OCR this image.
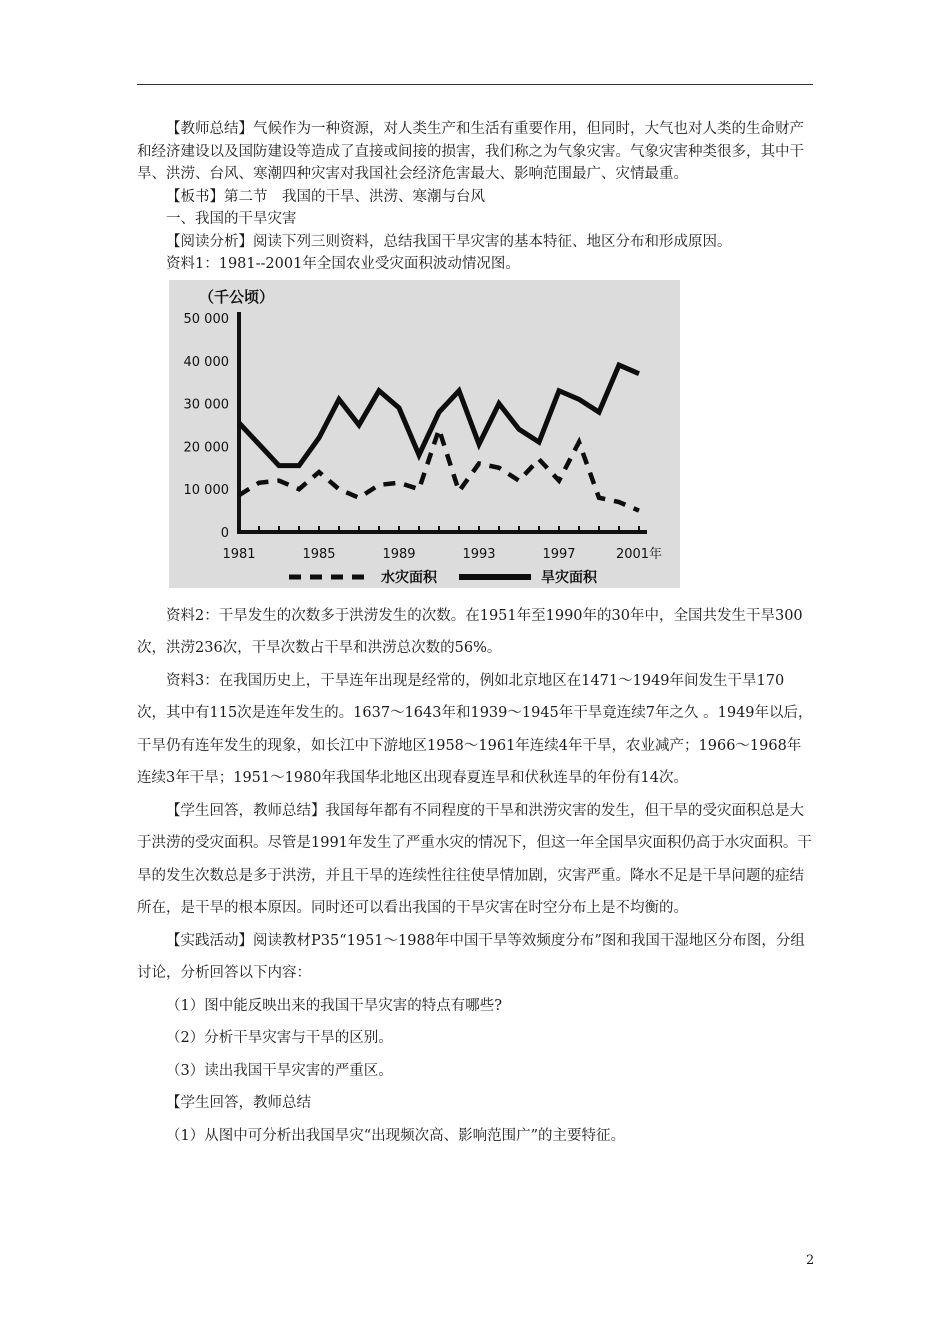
【教师总结】气候作为一种资源，对人类生产和生活有重要作用，但同时，大气也对人类的生命财产和经济建设以及国防建设等造成了直接或间接的损害，我们称之为气象灾害。气象灾害种类很多，其中干旱、洪涝、台风、寒潮四种灾害对我国社会经济危害最大、影响范围最广、灾情最重。

【板书】第二节　我国的干旱、洪涝、寒潮与台风

一、我国的干旱灾害

【阅读分析】阅读下列三则资料，总结我国干旱灾害的基本特征、地区分布和形成原因。

资料1：1981--2001年全国农业受灾面积波动情况图。

（千公顷）
0
10 000
20 000
30 000
40 000
50 000
1981	1985	1989	1993	1997	2001年
水灾面积	旱灾面积

资料2：干旱发生的次数多于洪涝发生的次数。在1951年至1990年的30年中，全国共发生干旱300次，洪涝236次，干旱次数占干旱和洪涝总次数的56%。

资料3：在我国历史上，干旱连年出现是经常的，例如北京地区在1471～1949年间发生干旱170次，其中有115次是连年发生的。1637～1643年和1939～1945年干旱竟连续7年之久 。1949年以后，干旱仍有连年发生的现象，如长江中下游地区1958～1961年连续4年干旱，农业减产；1966～1968年连续3年干旱；1951～1980年我国华北地区出现春夏连旱和伏秋连旱的年份有14次。

【学生回答，教师总结】我国每年都有不同程度的干旱和洪涝灾害的发生，但干旱的受灾面积总是大于洪涝的受灾面积。尽管是1991年发生了严重水灾的情况下，但这一年全国旱灾面积仍高于水灾面积。干旱的发生次数总是多于洪涝，并且干旱的连续性往往使旱情加剧，灾害严重。降水不足是干旱问题的症结所在，是干旱的根本原因。同时还可以看出我国的干旱灾害在时空分布上是不均衡的。

【实践活动】阅读教材P35“1951～1988年中国干旱等效频度分布”图和我国干湿地区分布图，分组讨论，分析回答以下内容：

（1）图中能反映出来的我国干旱灾害的特点有哪些?

（2）分析干旱灾害与干旱的区别。

（3）读出我国干旱灾害的严重区。

【学生回答，教师总结

（1）从图中可分析出我国旱灾“出现频次高、影响范围广”的主要特征。

2
